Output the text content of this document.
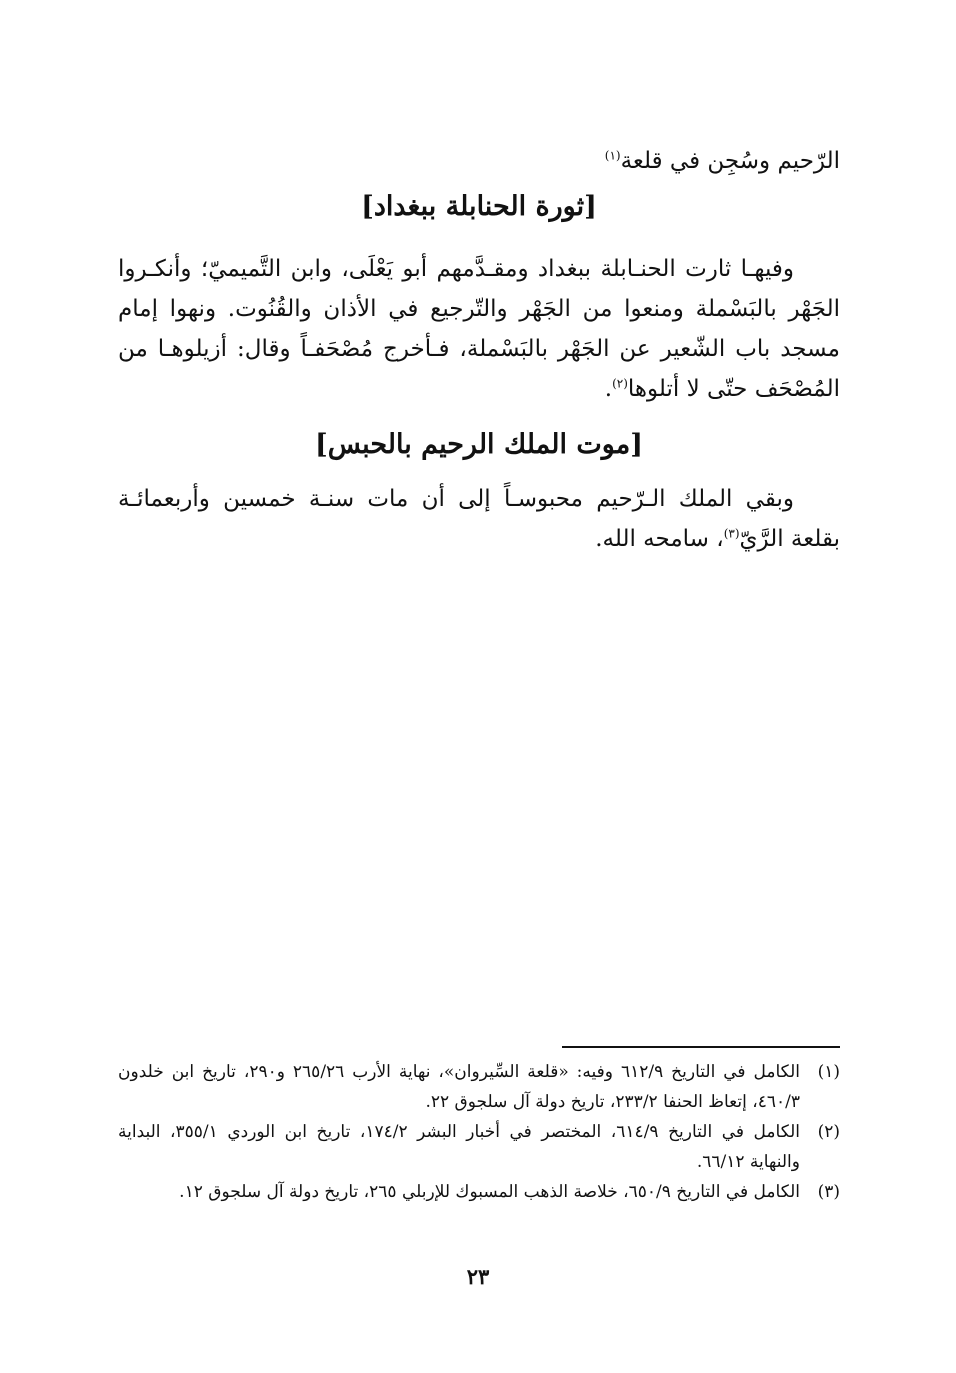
الرّحيم وسُجِن في قلعة$^{(١)}$

[ثورة الحنابلة ببغداد]

وفيهـا ثارت الحنـابلة ببغداد ومقـدَّمهم أبو يَعْلَى، وابن التَّميميّ؛ وأنكـروا الجَهْر بالبَسْملة ومنعوا من الجَهْر والتّرجيع في الأذان والقُنُوت. ونهوا إمام مسجد باب الشّعير عن الجَهْر بالبَسْملة، فـأخرج مُصْحَفـاً وقال: أزيلوهـا من المُصْحَف حتّى لا أتلوها$^{(٢)}$.

[موت الملك الرحيم بالحبس]

وبقي الملك الـرّحيم محبوسـاً إلى أن مات سنـة خمسين وأربعمائـة بقلعة الرَّيّ$^{(٣)}$، سامحه الله.

(١)
الكامل في التاريخ ٦١٢/٩ وفيه: «قلعة السِّيروان»، نهاية الأرب ٢٦٥/٢٦ و٢٩٠، تاريخ ابن خلدون ٤٦٠/٣، إتعاظ الحنفا ٢٣٣/٢، تاريخ دولة آل سلجوق ٢٢.
(٢)
الكامل في التاريخ ٦١٤/٩، المختصر في أخبار البشر ١٧٤/٢، تاريخ ابن الوردي ٣٥٥/١، البداية والنهاية ٦٦/١٢.
(٣)
الكامل في التاريخ ٦٥٠/٩، خلاصة الذهب المسبوك للإربلي ٢٦٥، تاريخ دولة آل سلجوق ١٢.
٢٣
